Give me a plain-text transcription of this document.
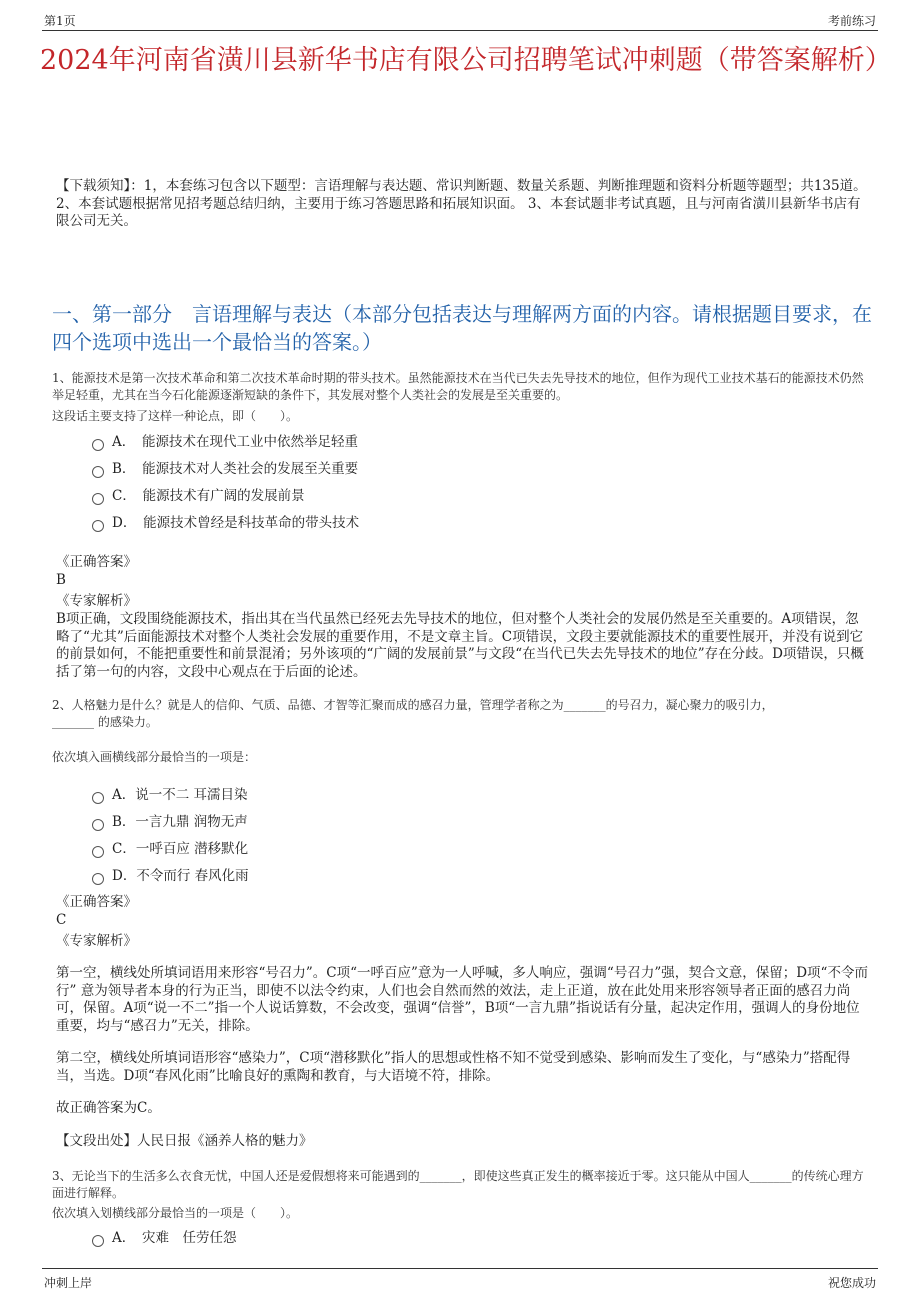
第1页	考前练习
2024年河南省潢川县新华书店有限公司招聘笔试冲刺题（带答案解析）
【下载须知】：1，本套练习包含以下题型：言语理解与表达题、常识判断题、数量关系题、判断推理题和资料分析题等题型；共135道。 2、本套试题根据常见招考题总结归纳，主要用于练习答题思路和拓展知识面。 3、本套试题非考试真题，且与河南省潢川县新华书店有限公司无关。
一、第一部分　言语理解与表达（本部分包括表达与理解两方面的内容。请根据题目要求，在四个选项中选出一个最恰当的答案。）
1、能源技术是第一次技术革命和第二次技术革命时期的带头技术。虽然能源技术在当代已失去先导技术的地位，但作为现代工业技术基石的能源技术仍然举足轻重，尤其在当今石化能源逐渐短缺的条件下，其发展对整个人类社会的发展是至关重要的。
这段话主要支持了这样一种论点，即（　　）。
A．　能源技术在现代工业中依然举足轻重
B．　能源技术对人类社会的发展至关重要
C．　能源技术有广阔的发展前景
D．　能源技术曾经是科技革命的带头技术
《正确答案》
B
《专家解析》
B项正确，文段围绕能源技术，指出其在当代虽然已经死去先导技术的地位，但对整个人类社会的发展仍然是至关重要的。A项错误，忽略了“尤其”后面能源技术对整个人类社会发展的重要作用，不是文章主旨。C项错误，文段主要就能源技术的重要性展开，并没有说到它的前景如何，不能把重要性和前景混淆；另外该项的“广阔的发展前景”与文段“在当代已失去先导技术的地位”存在分歧。D项错误，只概括了第一句的内容，文段中心观点在于后面的论述。
2、人格魅力是什么？就是人的信仰、气质、品德、才智等汇聚而成的感召力量，管理学者称之为_______的号召力，凝心聚力的吸引力，_______ 的感染力。
依次填入画横线部分最恰当的一项是：
A．说一不二 耳濡目染
B．一言九鼎 润物无声
C．一呼百应 潜移默化
D．不令而行 春风化雨
《正确答案》
C
《专家解析》
第一空，横线处所填词语用来形容“号召力”。C项“一呼百应”意为一人呼喊，多人响应，强调“号召力”强，契合文意，保留；D项“不令而行” 意为领导者本身的行为正当，即使不以法令约束，人们也会自然而然的效法，走上正道，放在此处用来形容领导者正面的感召力尚可，保留。A项“说一不二”指一个人说话算数，不会改变，强调“信誉”，B项“一言九鼎”指说话有分量，起决定作用，强调人的身份地位重要，均与“感召力”无关，排除。
第二空，横线处所填词语形容“感染力”，C项“潜移默化”指人的思想或性格不知不觉受到感染、影响而发生了变化，与“感染力”搭配得当，当选。D项“春风化雨”比喻良好的熏陶和教育，与大语境不符，排除。
故正确答案为C。
【文段出处】人民日报《涵养人格的魅力》
3、无论当下的生活多么衣食无忧，中国人还是爱假想将来可能遇到的_______，即使这些真正发生的概率接近于零。这只能从中国人_______的传统心理方面进行解释。
依次填入划横线部分最恰当的一项是（　　）。
A．　灾难　任劳任怨
冲刺上岸	祝您成功
